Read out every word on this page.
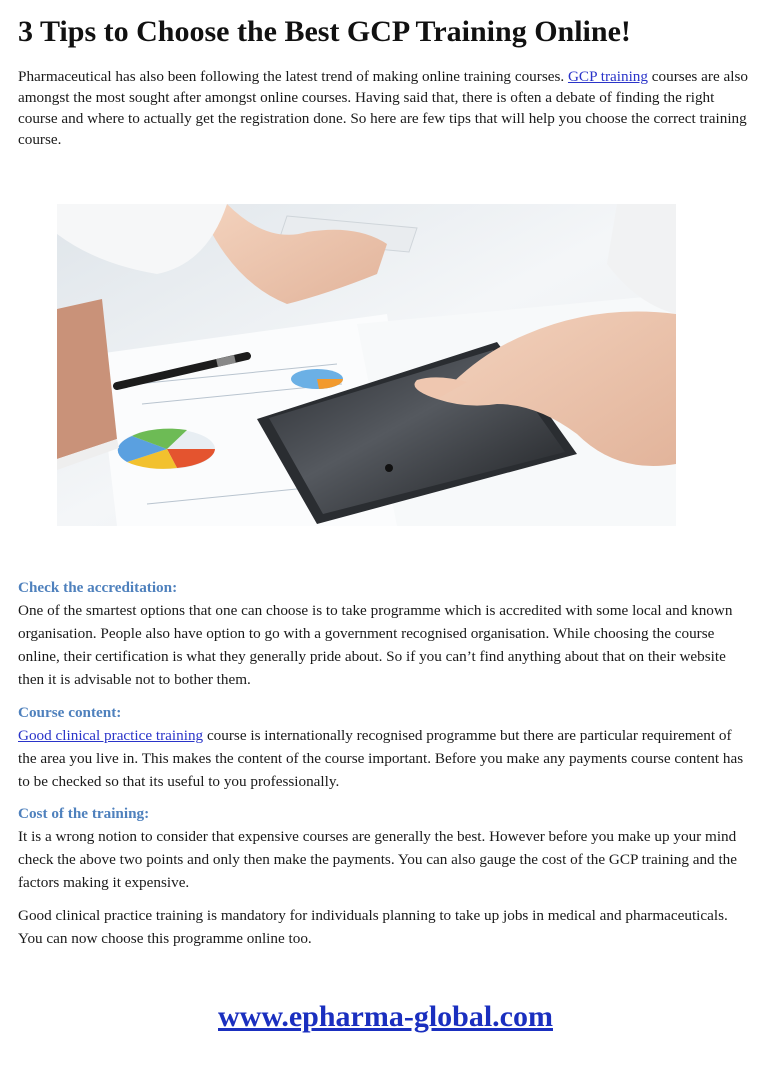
3 Tips to Choose the Best GCP Training Online!

Pharmaceutical has also been following the latest trend of making online training courses. GCP training courses are also amongst the most sought after amongst online courses. Having said that, there is often a debate of finding the right course and where to actually get the registration done. So here are few tips that will help you choose the correct training course.

Check the accreditation:

One of the smartest options that one can choose is to take programme which is accredited with some local and known organisation. People also have option to go with a government recognised organisation. While choosing the course online, their certification is what they generally pride about. So if you can’t find anything about that on their website then it is advisable not to bother them.

Course content:

Good clinical practice training course is internationally recognised programme but there are particular requirement of the area you live in. This makes the content of the course important. Before you make any payments course content has to be checked so that its useful to you professionally.

Cost of the training:

It is a wrong notion to consider that expensive courses are generally the best. However before you make up your mind check the above two points and only then make the payments. You can also gauge the cost of the GCP training and the factors making it expensive.

Good clinical practice training is mandatory for individuals planning to take up jobs in medical and pharmaceuticals. You can now choose this programme online too.

www.epharma-global.com
